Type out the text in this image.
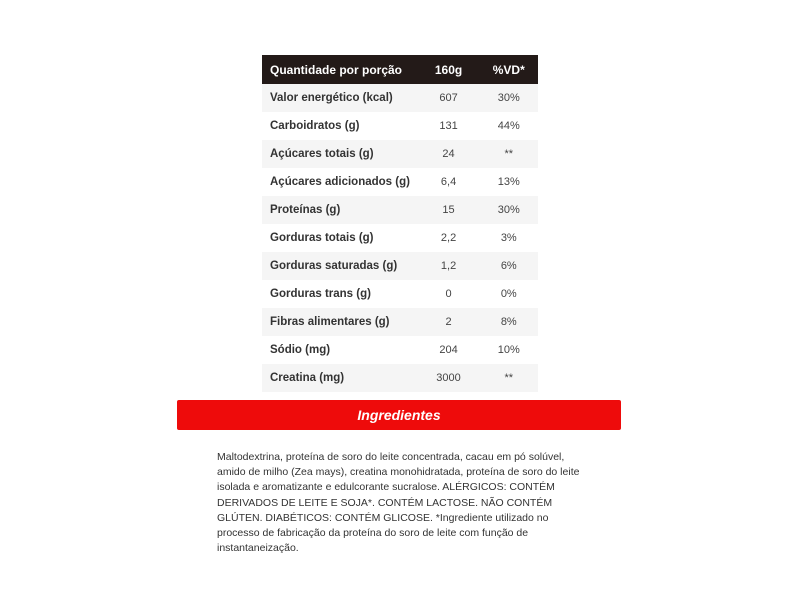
Quantidade por porção	160g	%VD*
Valor energético (kcal)	607	30%
Carboidratos (g)	131	44%
Açúcares totais (g)	24	**
Açúcares adicionados (g)	6,4	13%
Proteínas (g)	15	30%
Gorduras totais (g)	2,2	3%
Gorduras saturadas (g)	1,2	6%
Gorduras trans (g)	0	0%
Fibras alimentares (g)	2	8%
Sódio (mg)	204	10%
Creatina (mg)	3000	**
Ingredientes

Maltodextrina, proteína de soro do leite concentrada, cacau em pó solúvel, amido de milho (Zea mays), creatina monohidratada, proteína de soro do leite isolada e aromatizante e edulcorante sucralose. ALÉRGICOS: CONTÉM DERIVADOS DE LEITE E SOJA*. CONTÉM LACTOSE. NÃO CONTÉM GLÚTEN. DIABÉTICOS: CONTÉM GLICOSE. *Ingrediente utilizado no processo de fabricação da proteína do soro de leite com função de instantaneização.
